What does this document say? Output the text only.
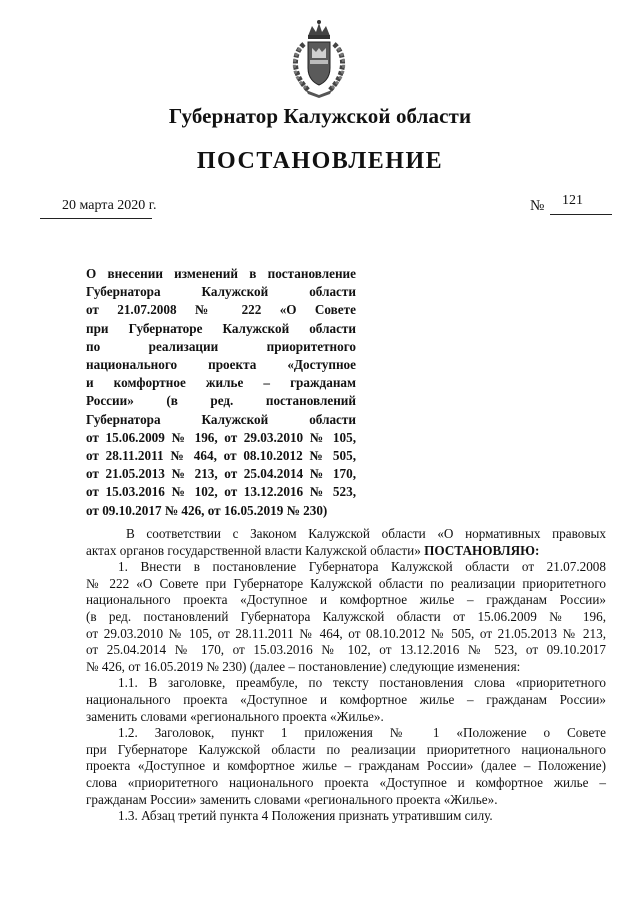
Губернатор Калужской области
ПОСТАНОВЛЕНИЕ
20 марта 2020 г.	№ 121
О внесении изменений в постановление
Губернатора Калужской области
от 21.07.2008 № 222 «О Совете
при Губернаторе Калужской области
по реализации приоритетного
национального проекта «Доступное
и комфортное жилье – гражданам
России» (в ред. постановлений
Губернатора Калужской области
от 15.06.2009 № 196, от 29.03.2010 № 105,
от 28.11.2011 № 464, от 08.10.2012 № 505,
от 21.05.2013 № 213, от 25.04.2014 № 170,
от 15.03.2016 № 102, от 13.12.2016 № 523,
от 09.10.2017 № 426, от 16.05.2019 № 230)
В соответствии с Законом Калужской области «О нормативных правовых
актах органов государственной власти Калужской области» ПОСТАНОВЛЯЮ:
1. Внести в постановление Губернатора Калужской области от 21.07.2008
№ 222 «О Совете при Губернаторе Калужской области по реализации приоритетного
национального проекта «Доступное и комфортное жилье – гражданам России»
(в ред. постановлений Губернатора Калужской области от 15.06.2009 № 196,
от 29.03.2010 № 105, от 28.11.2011 № 464, от 08.10.2012 № 505, от 21.05.2013 № 213,
от 25.04.2014 № 170, от 15.03.2016 № 102, от 13.12.2016 № 523, от 09.10.2017
№ 426, от 16.05.2019 № 230) (далее – постановление) следующие изменения:
1.1. В заголовке, преамбуле, по тексту постановления слова «приоритетного
национального проекта «Доступное и комфортное жилье – гражданам России»
заменить словами «регионального проекта «Жилье».
1.2. Заголовок, пункт 1 приложения № 1 «Положение о Совете
при Губернаторе Калужской области по реализации приоритетного национального
проекта «Доступное и комфортное жилье – гражданам России» (далее – Положение)
слова «приоритетного национального проекта «Доступное и комфортное жилье –
гражданам России» заменить словами «регионального проекта «Жилье».
1.3. Абзац третий пункта 4 Положения признать утратившим силу.
